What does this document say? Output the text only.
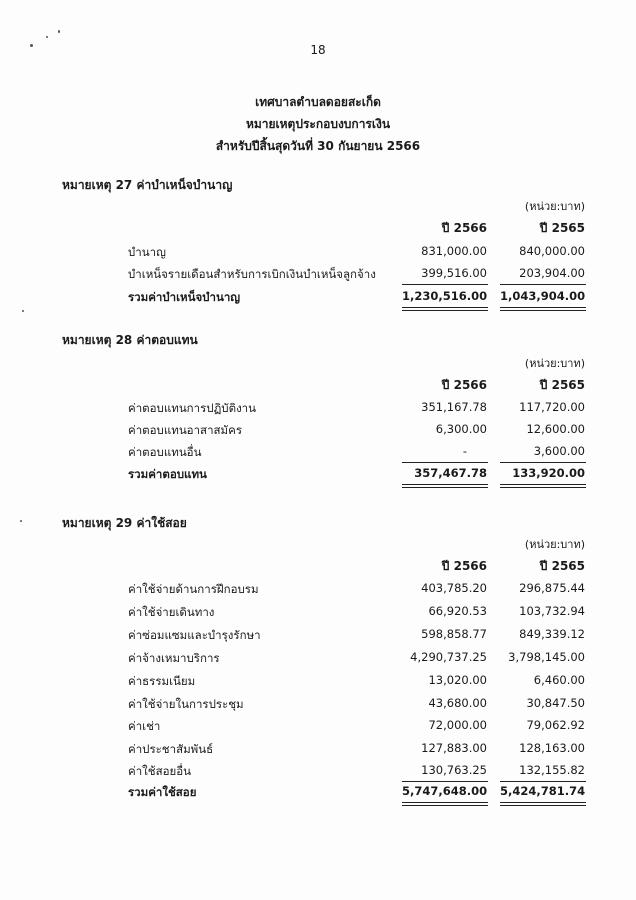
18
เทศบาลตำบลดอยสะเก็ด
หมายเหตุประกอบงบการเงิน
สำหรับปีสิ้นสุดวันที่ 30 กันยายน 2566
หมายเหตุ 27 ค่าบำเหน็จบำนาญ
(หน่วย:บาท)
ปี 2566	ปี 2565
บำนาญ	831,000.00	840,000.00
บำเหน็จรายเดือนสำหรับการเบิกเงินบำเหน็จลูกจ้าง	399,516.00	203,904.00
รวมค่าบำเหน็จบำนาญ	1,230,516.00 1,043,904.00
หมายเหตุ 28 ค่าตอบแทน
(หน่วย:บาท)
ปี 2566	ปี 2565
ค่าตอบแทนการปฏิบัติงาน	351,167.78	117,720.00
ค่าตอบแทนอาสาสมัคร	6,300.00	12,600.00
ค่าตอบแทนอื่น	-	3,600.00
รวมค่าตอบแทน	357,467.78	133,920.00
หมายเหตุ 29 ค่าใช้สอย
(หน่วย:บาท)
ปี 2566	ปี 2565
ค่าใช้จ่ายด้านการฝึกอบรม	403,785.20	296,875.44
ค่าใช้จ่ายเดินทาง	66,920.53	103,732.94
ค่าซ่อมแซมและบำรุงรักษา	598,858.77	849,339.12
ค่าจ้างเหมาบริการ	4,290,737.25	3,798,145.00
ค่าธรรมเนียม	13,020.00	6,460.00
ค่าใช้จ่ายในการประชุม	43,680.00	30,847.50
ค่าเช่า	72,000.00	79,062.92
ค่าประชาสัมพันธ์	127,883.00	128,163.00
ค่าใช้สอยอื่น	130,763.25	132,155.82
รวมค่าใช้สอย	5,747,648.00 5,424,781.74
